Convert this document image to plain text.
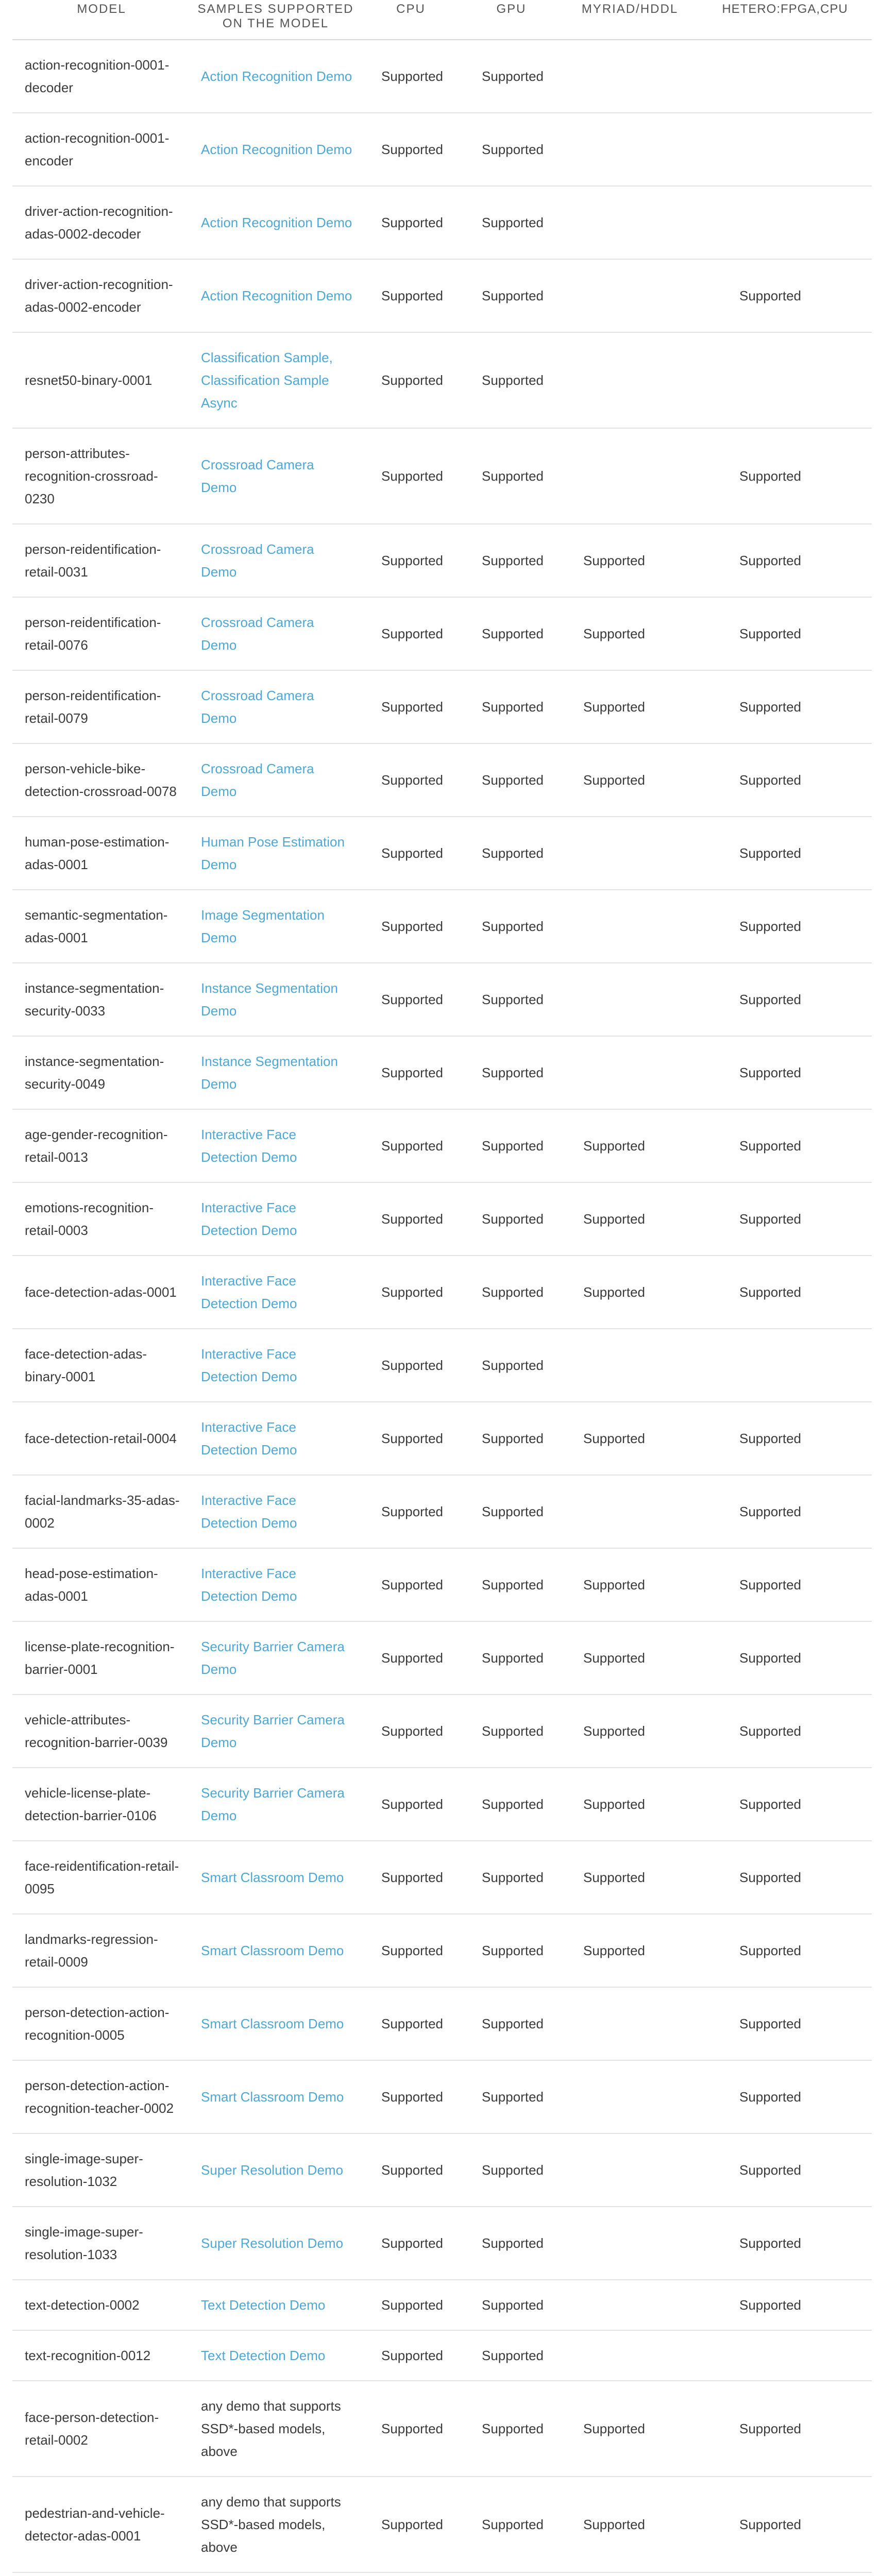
MODEL	SAMPLES SUPPORTED ON THE MODEL	CPU	GPU	MYRIAD/HDDL	HETERO:FPGA,CPU
action-recognition-0001-decoder	Action Recognition Demo	Supported	Supported		
action-recognition-0001-encoder	Action Recognition Demo	Supported	Supported		
driver-action-recognition-adas-0002-decoder	Action Recognition Demo	Supported	Supported		
driver-action-recognition-adas-0002-encoder	Action Recognition Demo	Supported	Supported		Supported
resnet50-binary-0001	Classification Sample, Classification Sample Async	Supported	Supported		
person-attributes-recognition-crossroad-0230	Crossroad Camera Demo	Supported	Supported		Supported
person-reidentification-retail-0031	Crossroad Camera Demo	Supported	Supported	Supported	Supported
person-reidentification-retail-0076	Crossroad Camera Demo	Supported	Supported	Supported	Supported
person-reidentification-retail-0079	Crossroad Camera Demo	Supported	Supported	Supported	Supported
person-vehicle-bike-detection-crossroad-0078	Crossroad Camera Demo	Supported	Supported	Supported	Supported
human-pose-estimation-adas-0001	Human Pose Estimation Demo	Supported	Supported		Supported
semantic-segmentation-adas-0001	Image Segmentation Demo	Supported	Supported		Supported
instance-segmentation-security-0033	Instance Segmentation Demo	Supported	Supported		Supported
instance-segmentation-security-0049	Instance Segmentation Demo	Supported	Supported		Supported
age-gender-recognition-retail-0013	Interactive Face Detection Demo	Supported	Supported	Supported	Supported
emotions-recognition-retail-0003	Interactive Face Detection Demo	Supported	Supported	Supported	Supported
face-detection-adas-0001	Interactive Face Detection Demo	Supported	Supported	Supported	Supported
face-detection-adas-binary-0001	Interactive Face Detection Demo	Supported	Supported		
face-detection-retail-0004	Interactive Face Detection Demo	Supported	Supported	Supported	Supported
facial-landmarks-35-adas-0002	Interactive Face Detection Demo	Supported	Supported		Supported
head-pose-estimation-adas-0001	Interactive Face Detection Demo	Supported	Supported	Supported	Supported
license-plate-recognition-barrier-0001	Security Barrier Camera Demo	Supported	Supported	Supported	Supported
vehicle-attributes-recognition-barrier-0039	Security Barrier Camera Demo	Supported	Supported	Supported	Supported
vehicle-license-plate-detection-barrier-0106	Security Barrier Camera Demo	Supported	Supported	Supported	Supported
face-reidentification-retail-0095	Smart Classroom Demo	Supported	Supported	Supported	Supported
landmarks-regression-retail-0009	Smart Classroom Demo	Supported	Supported	Supported	Supported
person-detection-action-recognition-0005	Smart Classroom Demo	Supported	Supported		Supported
person-detection-action-recognition-teacher-0002	Smart Classroom Demo	Supported	Supported		Supported
single-image-super-resolution-1032	Super Resolution Demo	Supported	Supported		Supported
single-image-super-resolution-1033	Super Resolution Demo	Supported	Supported		Supported
text-detection-0002	Text Detection Demo	Supported	Supported		Supported
text-recognition-0012	Text Detection Demo	Supported	Supported		
face-person-detection-retail-0002	any demo that supports SSD*-based models, above	Supported	Supported	Supported	Supported
pedestrian-and-vehicle-detector-adas-0001	any demo that supports SSD*-based models, above	Supported	Supported	Supported	Supported
